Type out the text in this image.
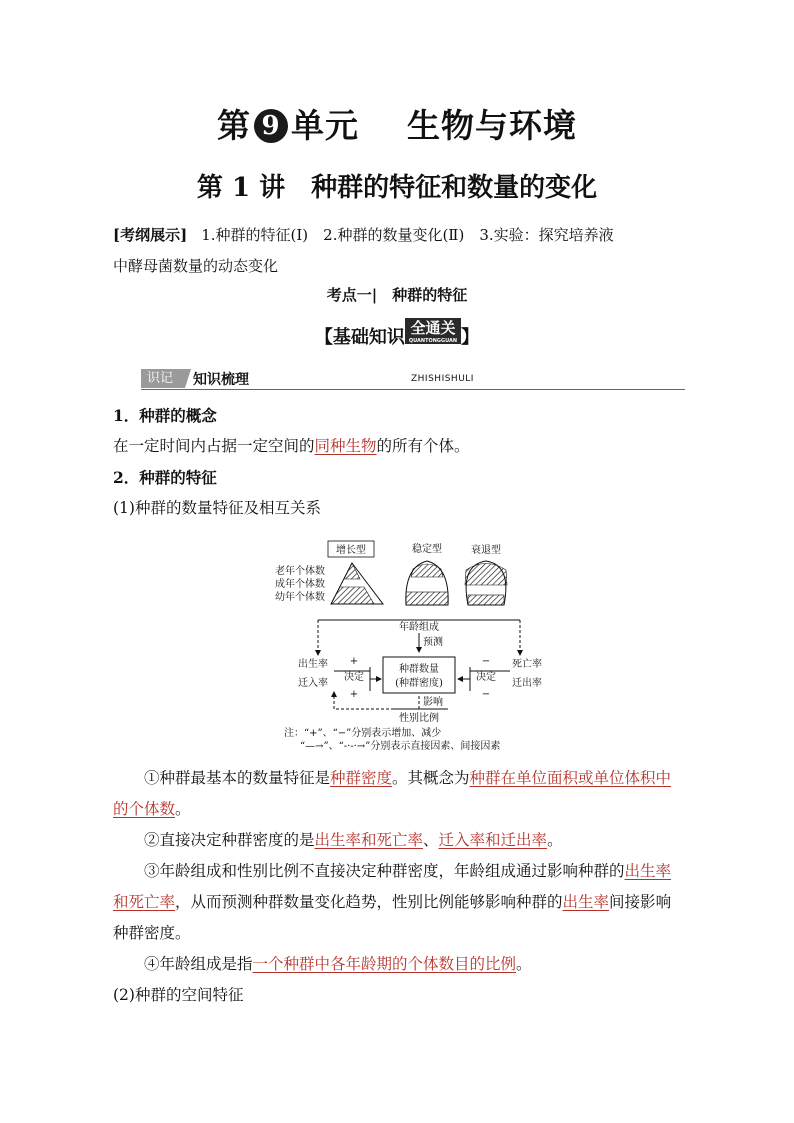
第 9 单元 生物与环境
第 1 讲　种群的特征和数量的变化
[考纲展示] 1.种群的特征(Ⅰ)　2.种群的数量变化(Ⅱ)　3.实验：探究培养液
中酵母菌数量的动态变化
考点一|　种群的特征
【基础知识 全通关
QUANTONGGUAN 】
识记	知识梳理	ZHISHISHULI
1．种群的概念
在一定时间内占据一定空间的同种生物的所有个体。
2．种群的特征
(1)种群的数量特征及相互关系
增长型	稳定型	衰退型
老年个体数
成年个体数
幼年个体数
年龄组成
预测
出生率
迁入率
+
决定
+
种群数量
(种群密度)
死亡率
迁出率
−
决定
−
影响
性别比例
注：“+”、“−”分别表示增加、减少
“—→”、“-·-·→”分别表示直接因素、间接因素
①种群最基本的数量特征是种群密度。其概念为种群在单位面积或单位体积中的个体数。
②直接决定种群密度的是出生率和死亡率、迁入率和迁出率。
③年龄组成和性别比例不直接决定种群密度，年龄组成通过影响种群的出生率和死亡率，从而预测种群数量变化趋势，性别比例能够影响种群的出生率间接影响种群密度。
④年龄组成是指一个种群中各年龄期的个体数目的比例。
(2)种群的空间特征
